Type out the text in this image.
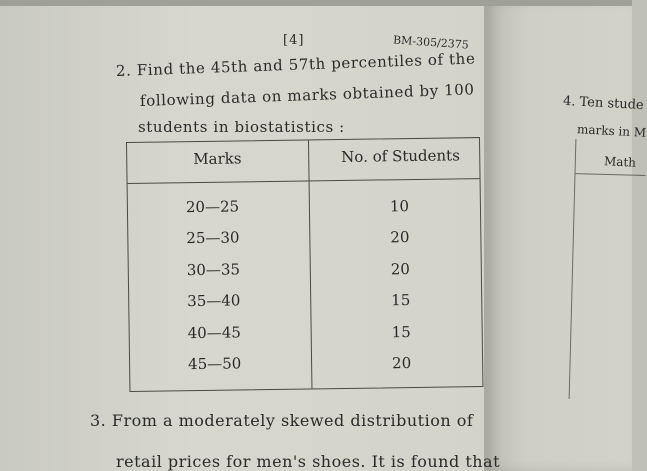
[4]	BM-305/2375
2. Find the 45th and 57th percentiles of the
following data on marks obtained by 100
students in biostatistics :
Marks	No. of Students
20—25	10
25—30	20
30—35	20
35—40	15
40—45	15
45—50	20
3. From a moderately skewed distribution of
retail prices for men's shoes. It is found that
4. Ten stude
marks in M
Math
